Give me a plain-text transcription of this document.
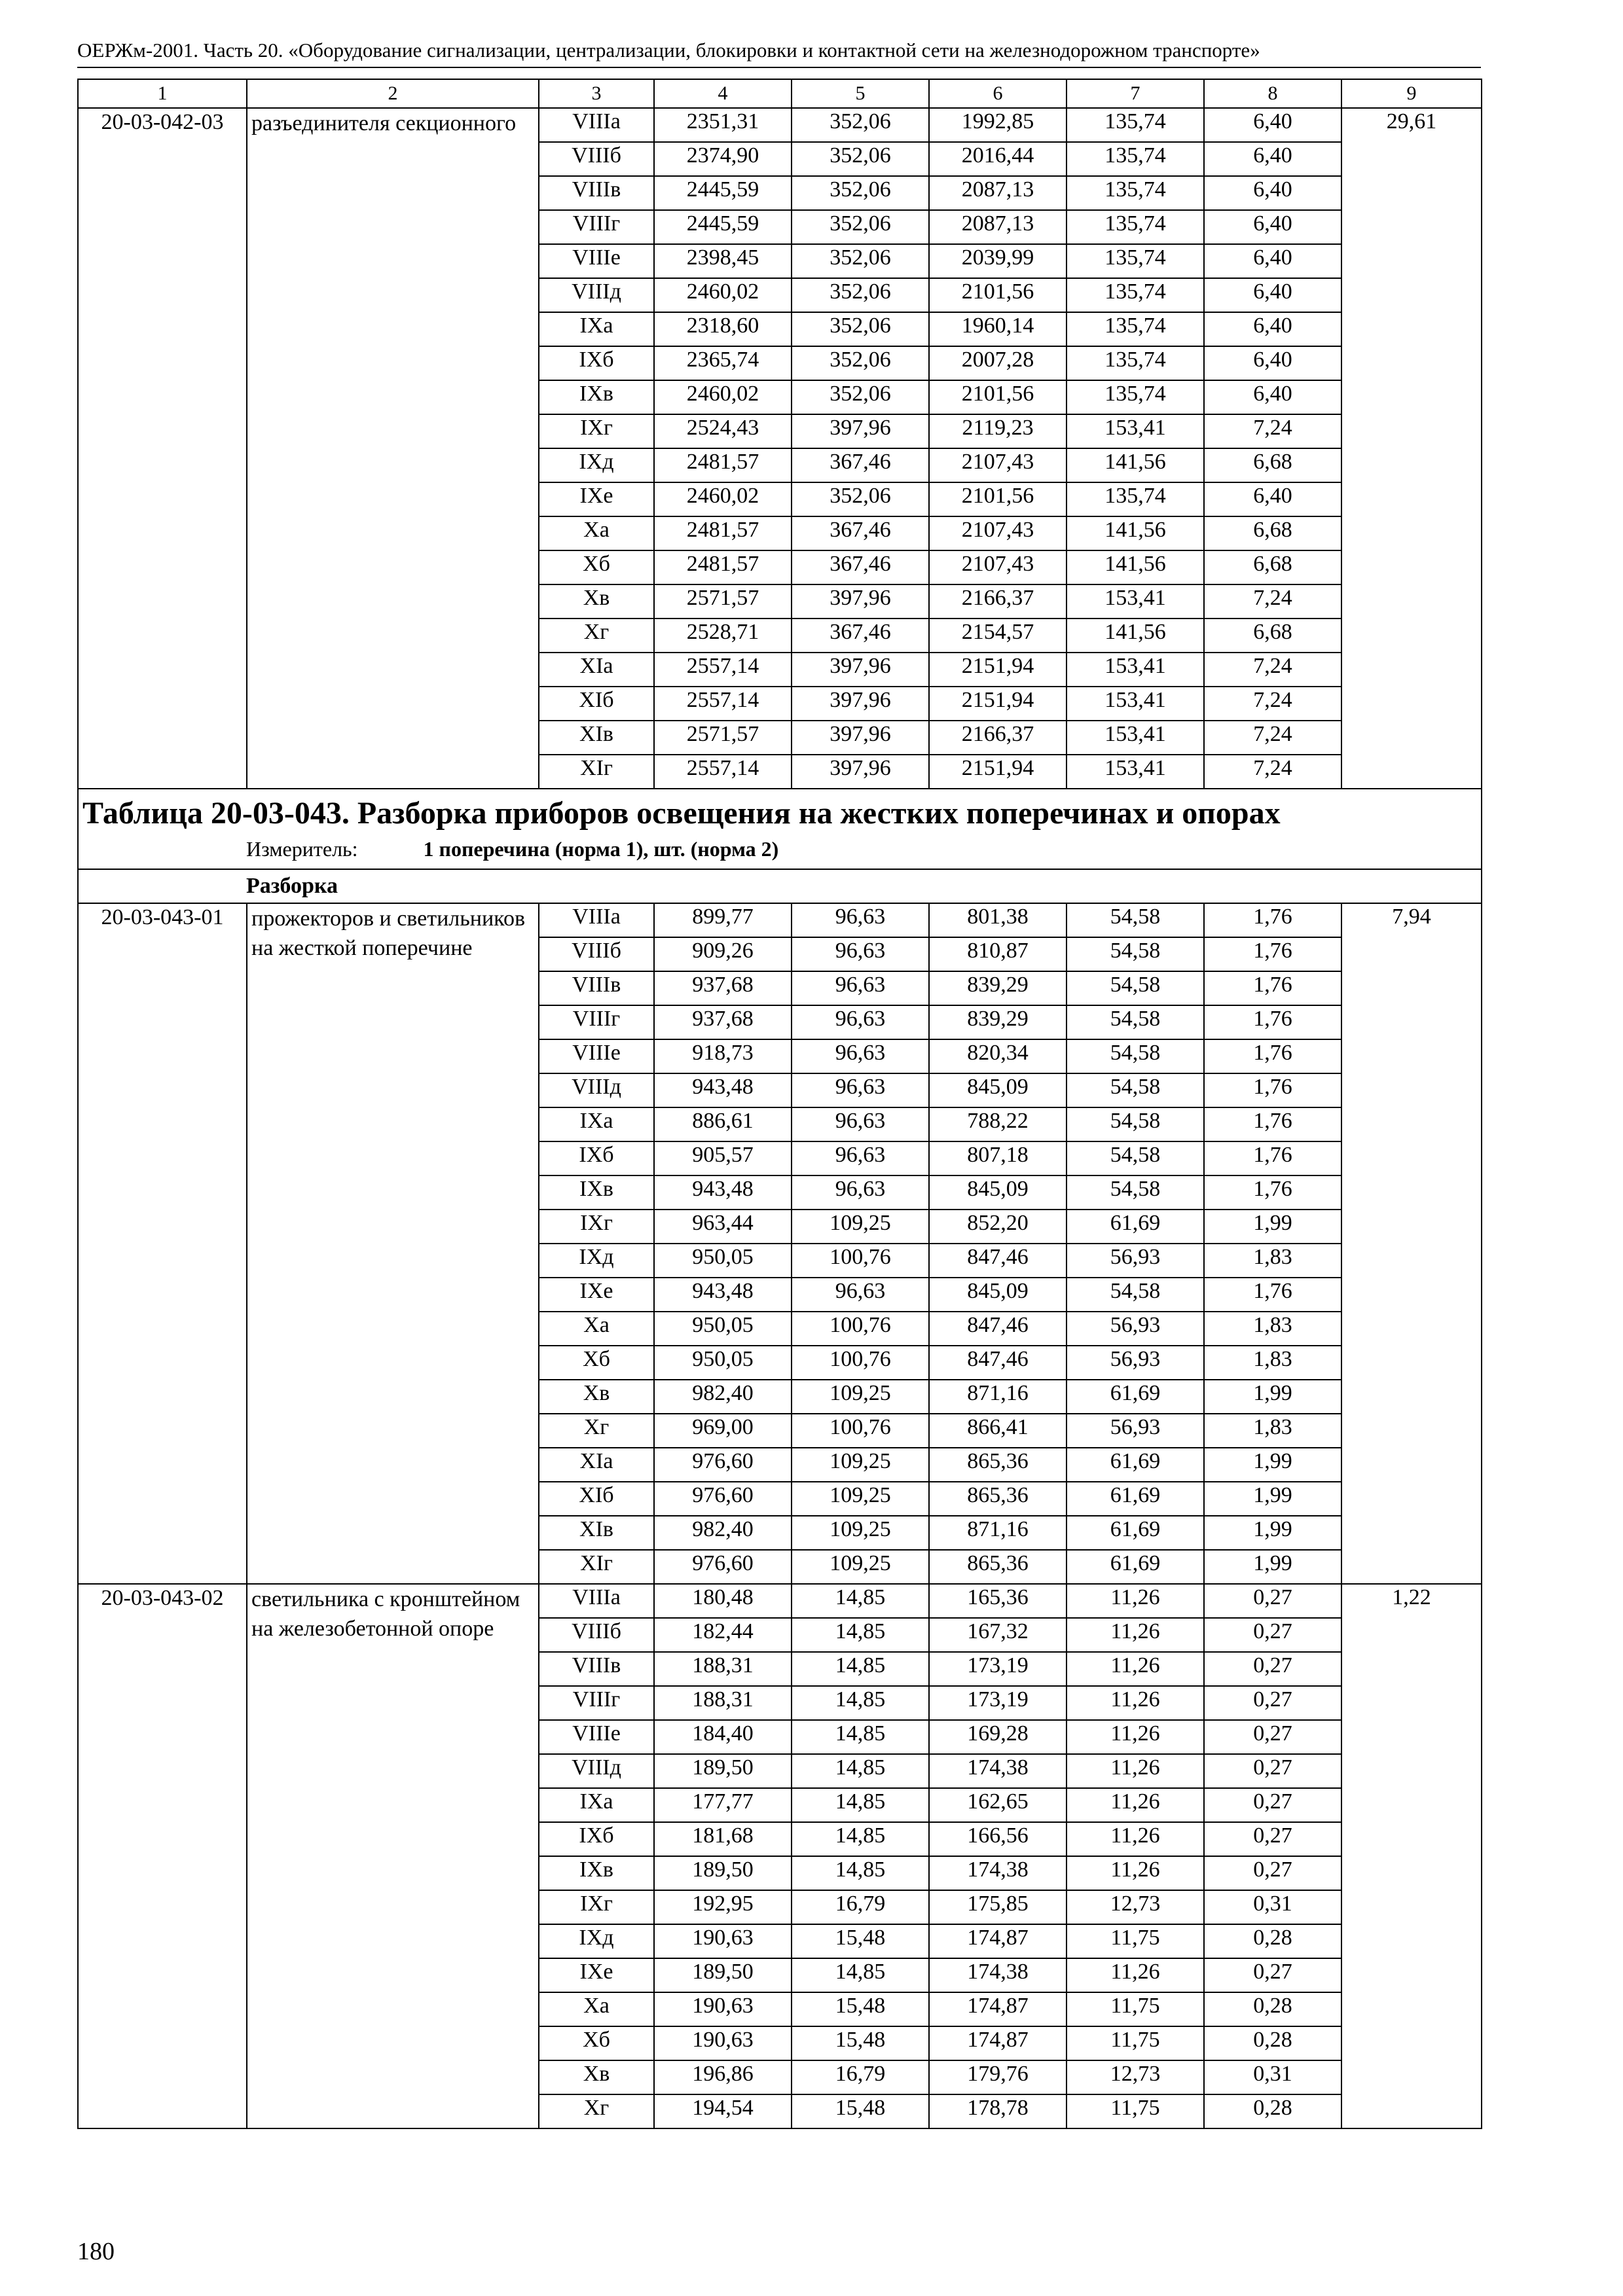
ОЕРЖм-2001. Часть 20. «Оборудование сигнализации, централизации, блокировки и контактной сети на железнодорожном транспорте»
1	2	3	4	5	6	7	8	9
20-03-042-03	разъединителя секционного	VIIIа	2351,31	352,06	1992,85	135,74	6,40	29,61
		VIIIб	2374,90	352,06	2016,44	135,74	6,40	
		VIIIв	2445,59	352,06	2087,13	135,74	6,40	
		VIIIг	2445,59	352,06	2087,13	135,74	6,40	
		VIIIе	2398,45	352,06	2039,99	135,74	6,40	
		VIIIд	2460,02	352,06	2101,56	135,74	6,40	
		IXа	2318,60	352,06	1960,14	135,74	6,40	
		IXб	2365,74	352,06	2007,28	135,74	6,40	
		IXв	2460,02	352,06	2101,56	135,74	6,40	
		IXг	2524,43	397,96	2119,23	153,41	7,24	
		IXд	2481,57	367,46	2107,43	141,56	6,68	
		IXе	2460,02	352,06	2101,56	135,74	6,40	
		Xа	2481,57	367,46	2107,43	141,56	6,68	
		Xб	2481,57	367,46	2107,43	141,56	6,68	
		Xв	2571,57	397,96	2166,37	153,41	7,24	
		Xг	2528,71	367,46	2154,57	141,56	6,68	
		XIа	2557,14	397,96	2151,94	153,41	7,24	
		XIб	2557,14	397,96	2151,94	153,41	7,24	
		XIв	2571,57	397,96	2166,37	153,41	7,24	
		XIг	2557,14	397,96	2151,94	153,41	7,24	

Таблица 20-03-043. Разборка приборов освещения на жестких поперечинах и опорах
Измеритель: 1 поперечина (норма 1), шт. (норма 2)								

Разборка								
20-03-043-01	прожекторов и светильников на жесткой поперечине	VIIIа	899,77	96,63	801,38	54,58	1,76	7,94
		VIIIб	909,26	96,63	810,87	54,58	1,76	
		VIIIв	937,68	96,63	839,29	54,58	1,76	
		VIIIг	937,68	96,63	839,29	54,58	1,76	
		VIIIе	918,73	96,63	820,34	54,58	1,76	
		VIIIд	943,48	96,63	845,09	54,58	1,76	
		IXа	886,61	96,63	788,22	54,58	1,76	
		IXб	905,57	96,63	807,18	54,58	1,76	
		IXв	943,48	96,63	845,09	54,58	1,76	
		IXг	963,44	109,25	852,20	61,69	1,99	
		IXд	950,05	100,76	847,46	56,93	1,83	
		IXе	943,48	96,63	845,09	54,58	1,76	
		Xа	950,05	100,76	847,46	56,93	1,83	
		Xб	950,05	100,76	847,46	56,93	1,83	
		Xв	982,40	109,25	871,16	61,69	1,99	
		Xг	969,00	100,76	866,41	56,93	1,83	
		XIа	976,60	109,25	865,36	61,69	1,99	
		XIб	976,60	109,25	865,36	61,69	1,99	
		XIв	982,40	109,25	871,16	61,69	1,99	
		XIг	976,60	109,25	865,36	61,69	1,99	
20-03-043-02	светильника с кронштейном на железобетонной опоре	VIIIа	180,48	14,85	165,36	11,26	0,27	1,22
		VIIIб	182,44	14,85	167,32	11,26	0,27	
		VIIIв	188,31	14,85	173,19	11,26	0,27	
		VIIIг	188,31	14,85	173,19	11,26	0,27	
		VIIIе	184,40	14,85	169,28	11,26	0,27	
		VIIIд	189,50	14,85	174,38	11,26	0,27	
		IXа	177,77	14,85	162,65	11,26	0,27	
		IXб	181,68	14,85	166,56	11,26	0,27	
		IXв	189,50	14,85	174,38	11,26	0,27	
		IXг	192,95	16,79	175,85	12,73	0,31	
		IXд	190,63	15,48	174,87	11,75	0,28	
		IXе	189,50	14,85	174,38	11,26	0,27	
		Xа	190,63	15,48	174,87	11,75	0,28	
		Xб	190,63	15,48	174,87	11,75	0,28	
		Xв	196,86	16,79	179,76	12,73	0,31	
		Xг	194,54	15,48	178,78	11,75	0,28	
180
